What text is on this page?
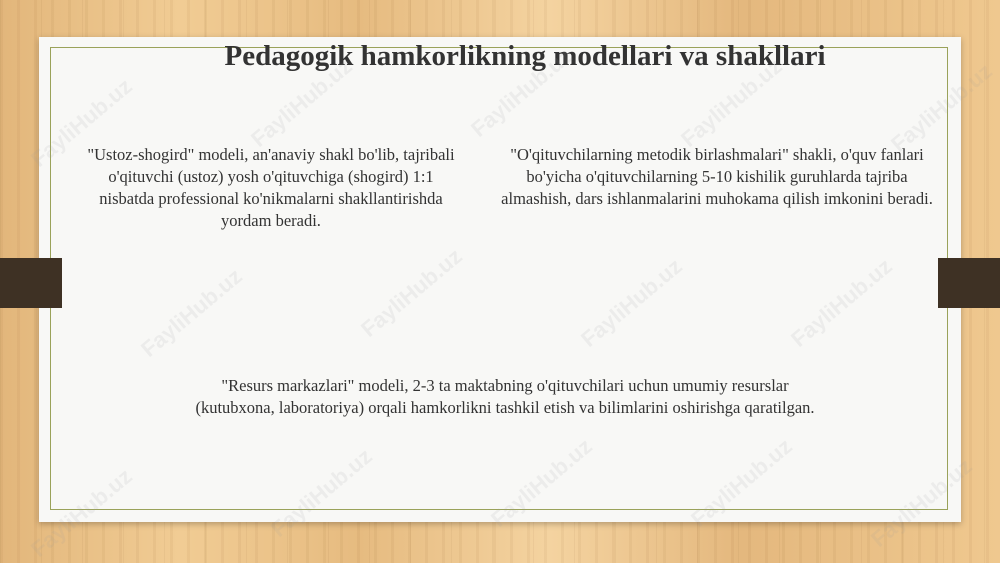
Pedagogik hamkorlikning modellari va shakllari

"Ustoz-shogird" modeli, an'anaviy shakl bo'lib, tajribali o'qituvchi (ustoz) yosh o'qituvchiga (shogird) 1:1 nisbatda professional ko'nikmalarni shakllantirishda yordam beradi.

"O'qituvchilarning metodik birlashmalari" shakli, o'quv fanlari bo'yicha o'qituvchilarning 5-10 kishilik guruhlarda tajriba almashish, dars ishlanmalarini muhokama qilish imkonini beradi.

"Resurs markazlari" modeli, 2-3 ta maktabning o'qituvchilari uchun umumiy resurslar (kutubxona, laboratoriya) orqali hamkorlikni tashkil etish va bilimlarini oshirishga qaratilgan.
